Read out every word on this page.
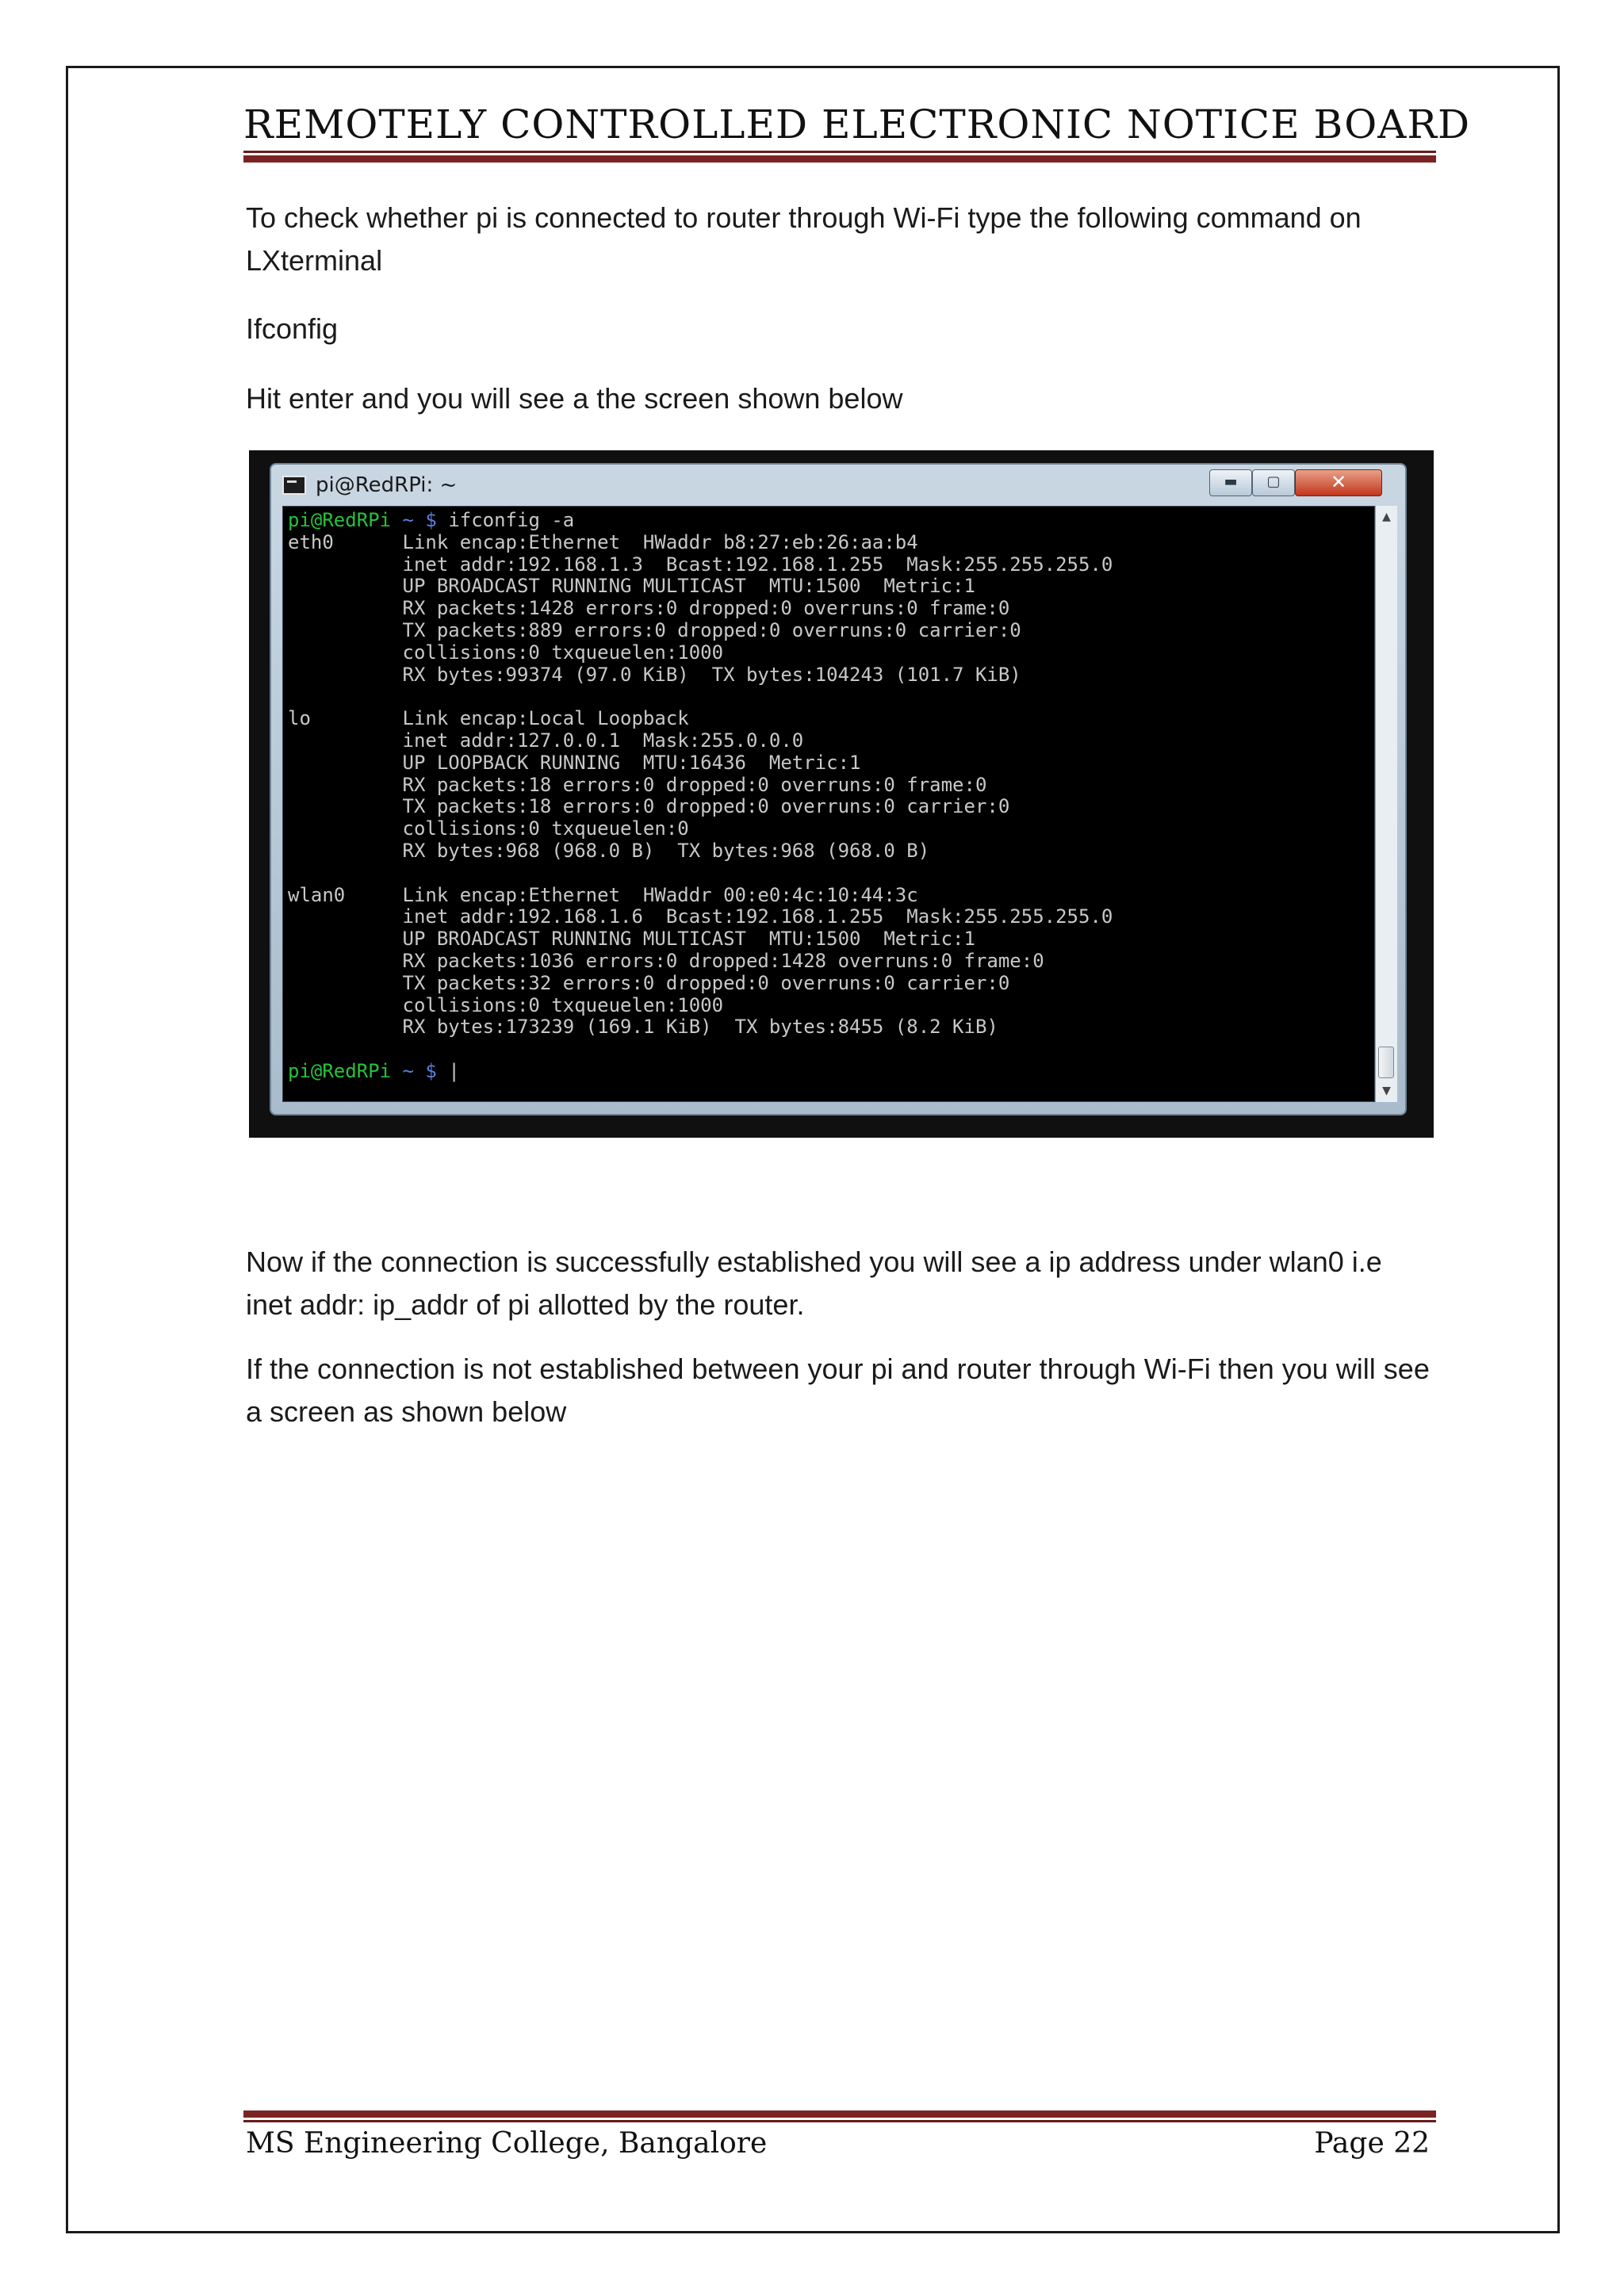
REMOTELY CONTROLLED ELECTRONIC NOTICE BOARD

To check whether pi is connected to router through Wi-Fi type the following command on LXterminal

Ifconfig

Hit enter and you will see a the screen shown below

pi@RedRPi: ~	▬	▢	✕
pi@RedRPi ~ $ ifconfig -a
eth0      Link encap:Ethernet  HWaddr b8:27:eb:26:aa:b4
inet addr:192.168.1.3  Bcast:192.168.1.255  Mask:255.255.255.0
UP BROADCAST RUNNING MULTICAST  MTU:1500  Metric:1
RX packets:1428 errors:0 dropped:0 overruns:0 frame:0
TX packets:889 errors:0 dropped:0 overruns:0 carrier:0
collisions:0 txqueuelen:1000
RX bytes:99374 (97.0 KiB)  TX bytes:104243 (101.7 KiB)

lo        Link encap:Local Loopback
inet addr:127.0.0.1  Mask:255.0.0.0
UP LOOPBACK RUNNING  MTU:16436  Metric:1
RX packets:18 errors:0 dropped:0 overruns:0 frame:0
TX packets:18 errors:0 dropped:0 overruns:0 carrier:0
collisions:0 txqueuelen:0
RX bytes:968 (968.0 B)  TX bytes:968 (968.0 B)

wlan0     Link encap:Ethernet  HWaddr 00:e0:4c:10:44:3c
inet addr:192.168.1.6  Bcast:192.168.1.255  Mask:255.255.255.0
UP BROADCAST RUNNING MULTICAST  MTU:1500  Metric:1
RX packets:1036 errors:0 dropped:1428 overruns:0 frame:0
TX packets:32 errors:0 dropped:0 overruns:0 carrier:0
collisions:0 txqueuelen:1000
RX bytes:173239 (169.1 KiB)  TX bytes:8455 (8.2 KiB)

pi@RedRPi ~ $ |
▲
▼

Now if the connection is successfully established you will see a ip address under wlan0 i.e inet addr: ip_addr of pi allotted by the router.

If the connection is not established between your pi and router through Wi-Fi then you will see a screen as shown below

MS Engineering College, Bangalore	Page 22
